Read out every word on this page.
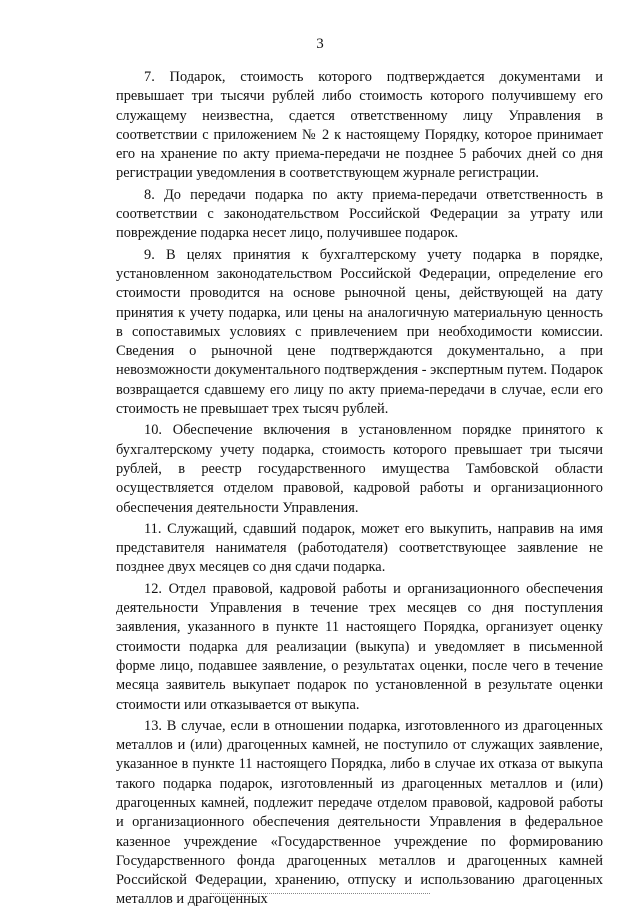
3

7. Подарок, стоимость которого подтверждается документами и превышает три тысячи рублей либо стоимость которого получившему его служащему неизвестна, сдается ответственному лицу Управления в соответствии с приложением № 2 к настоящему Порядку, которое принимает его на хранение по акту приема-передачи не позднее 5 рабочих дней со дня регистрации уведомления в соответствующем журнале регистрации.

8. До передачи подарка по акту приема-передачи ответственность в соответствии с законодательством Российской Федерации за утрату или повреждение подарка несет лицо, получившее подарок.

9. В целях принятия к бухгалтерскому учету подарка в порядке, установленном законодательством Российской Федерации, определение его стоимости проводится на основе рыночной цены, действующей на дату принятия к учету подарка, или цены на аналогичную материальную ценность в сопоставимых условиях с привлечением при необходимости комиссии. Сведения о рыночной цене подтверждаются документально, а при невозможности документального подтверждения - экспертным путем. Подарок возвращается сдавшему его лицу по акту приема-передачи в случае, если его стоимость не превышает трех тысяч рублей.

10. Обеспечение включения в установленном порядке принятого к бухгалтерскому учету подарка, стоимость которого превышает три тысячи рублей, в реестр государственного имущества Тамбовской области осуществляется отделом правовой, кадровой работы и организационного обеспечения деятельности Управления.

11. Служащий, сдавший подарок, может его выкупить, направив на имя представителя нанимателя (работодателя) соответствующее заявление не позднее двух месяцев со дня сдачи подарка.

12. Отдел правовой, кадровой работы и организационного обеспечения деятельности Управления в течение трех месяцев со дня поступления заявления, указанного в пункте 11 настоящего Порядка, организует оценку стоимости подарка для реализации (выкупа) и уведомляет в письменной форме лицо, подавшее заявление, о результатах оценки, после чего в течение месяца заявитель выкупает подарок по установленной в результате оценки стоимости или отказывается от выкупа.

13. В случае, если в отношении подарка, изготовленного из драгоценных металлов и (или) драгоценных камней, не поступило от служащих заявление, указанное в пункте 11 настоящего Порядка, либо в случае их отказа от выкупа такого подарка подарок, изготовленный из драгоценных металлов и (или) драгоценных камней, подлежит передаче отделом правовой, кадровой работы и организационного обеспечения деятельности Управления в федеральное казенное учреждение «Государственное учреждение по формированию Государственного фонда драгоценных металлов и драгоценных камней Российской Федерации, хранению, отпуску и использованию драгоценных металлов и драгоценных
